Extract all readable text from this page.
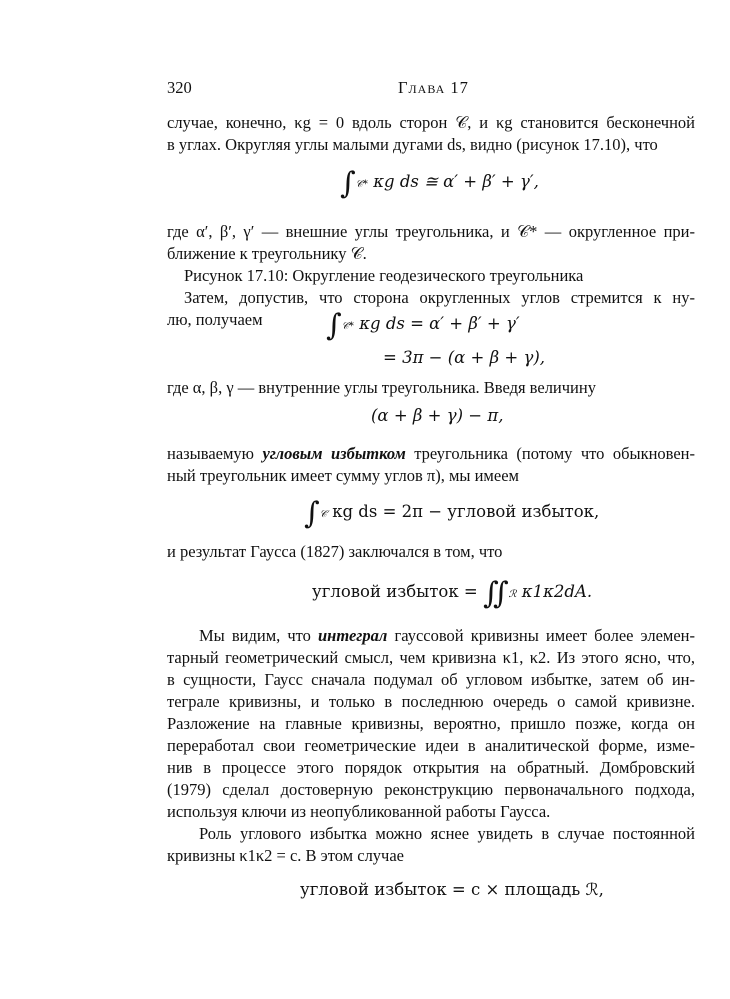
320	Глава 17
случае, конечно, κg = 0 вдоль сторон 𝒞, и κg становится бесконечной
в углах. Округляя углы малыми дугами ds, видно (рисунок 17.10), что
∫𝒞* κg ds ≅ α′ + β′ + γ′,
где α′, β′, γ′ — внешние углы треугольника, и 𝒞* — округленное при-
ближение к треугольнику 𝒞.
Рисунок 17.10: Округление геодезического треугольника
Затем, допустив, что сторона округленных углов стремится к ну-
лю, получаем	∫𝒞* κg ds = α′ + β′ + γ′
= 3π − (α + β + γ),
где α, β, γ — внутренние углы треугольника. Введя величину
(α + β + γ) − π,
называемую угловым избытком треугольника (потому что обыкновен-
ный треугольник имеет сумму углов π), мы имеем
∫𝒞 κg ds = 2π − угловой избыток,
и результат Гаусса (1827) заключался в том, что
угловой избыток = ∬ℛ κ1κ2dA.
Мы видим, что интеграл гауссовой кривизны имеет более элемен-
тарный геометрический смысл, чем кривизна κ1, κ2. Из этого ясно, что,
в сущности, Гаусс сначала подумал об угловом избытке, затем об ин-
теграле кривизны, и только в последнюю очередь о самой кривизне.
Разложение на главные кривизны, вероятно, пришло позже, когда он
переработал свои геометрические идеи в аналитической форме, изме-
нив в процессе этого порядок открытия на обратный. Домбровский
(1979) сделал достоверную реконструкцию первоначального подхода,
используя ключи из неопубликованной работы Гаусса.
Роль углового избытка можно яснее увидеть в случае постоянной
кривизны κ1κ2 = c. В этом случае
угловой избыток = c × площадь ℛ,
